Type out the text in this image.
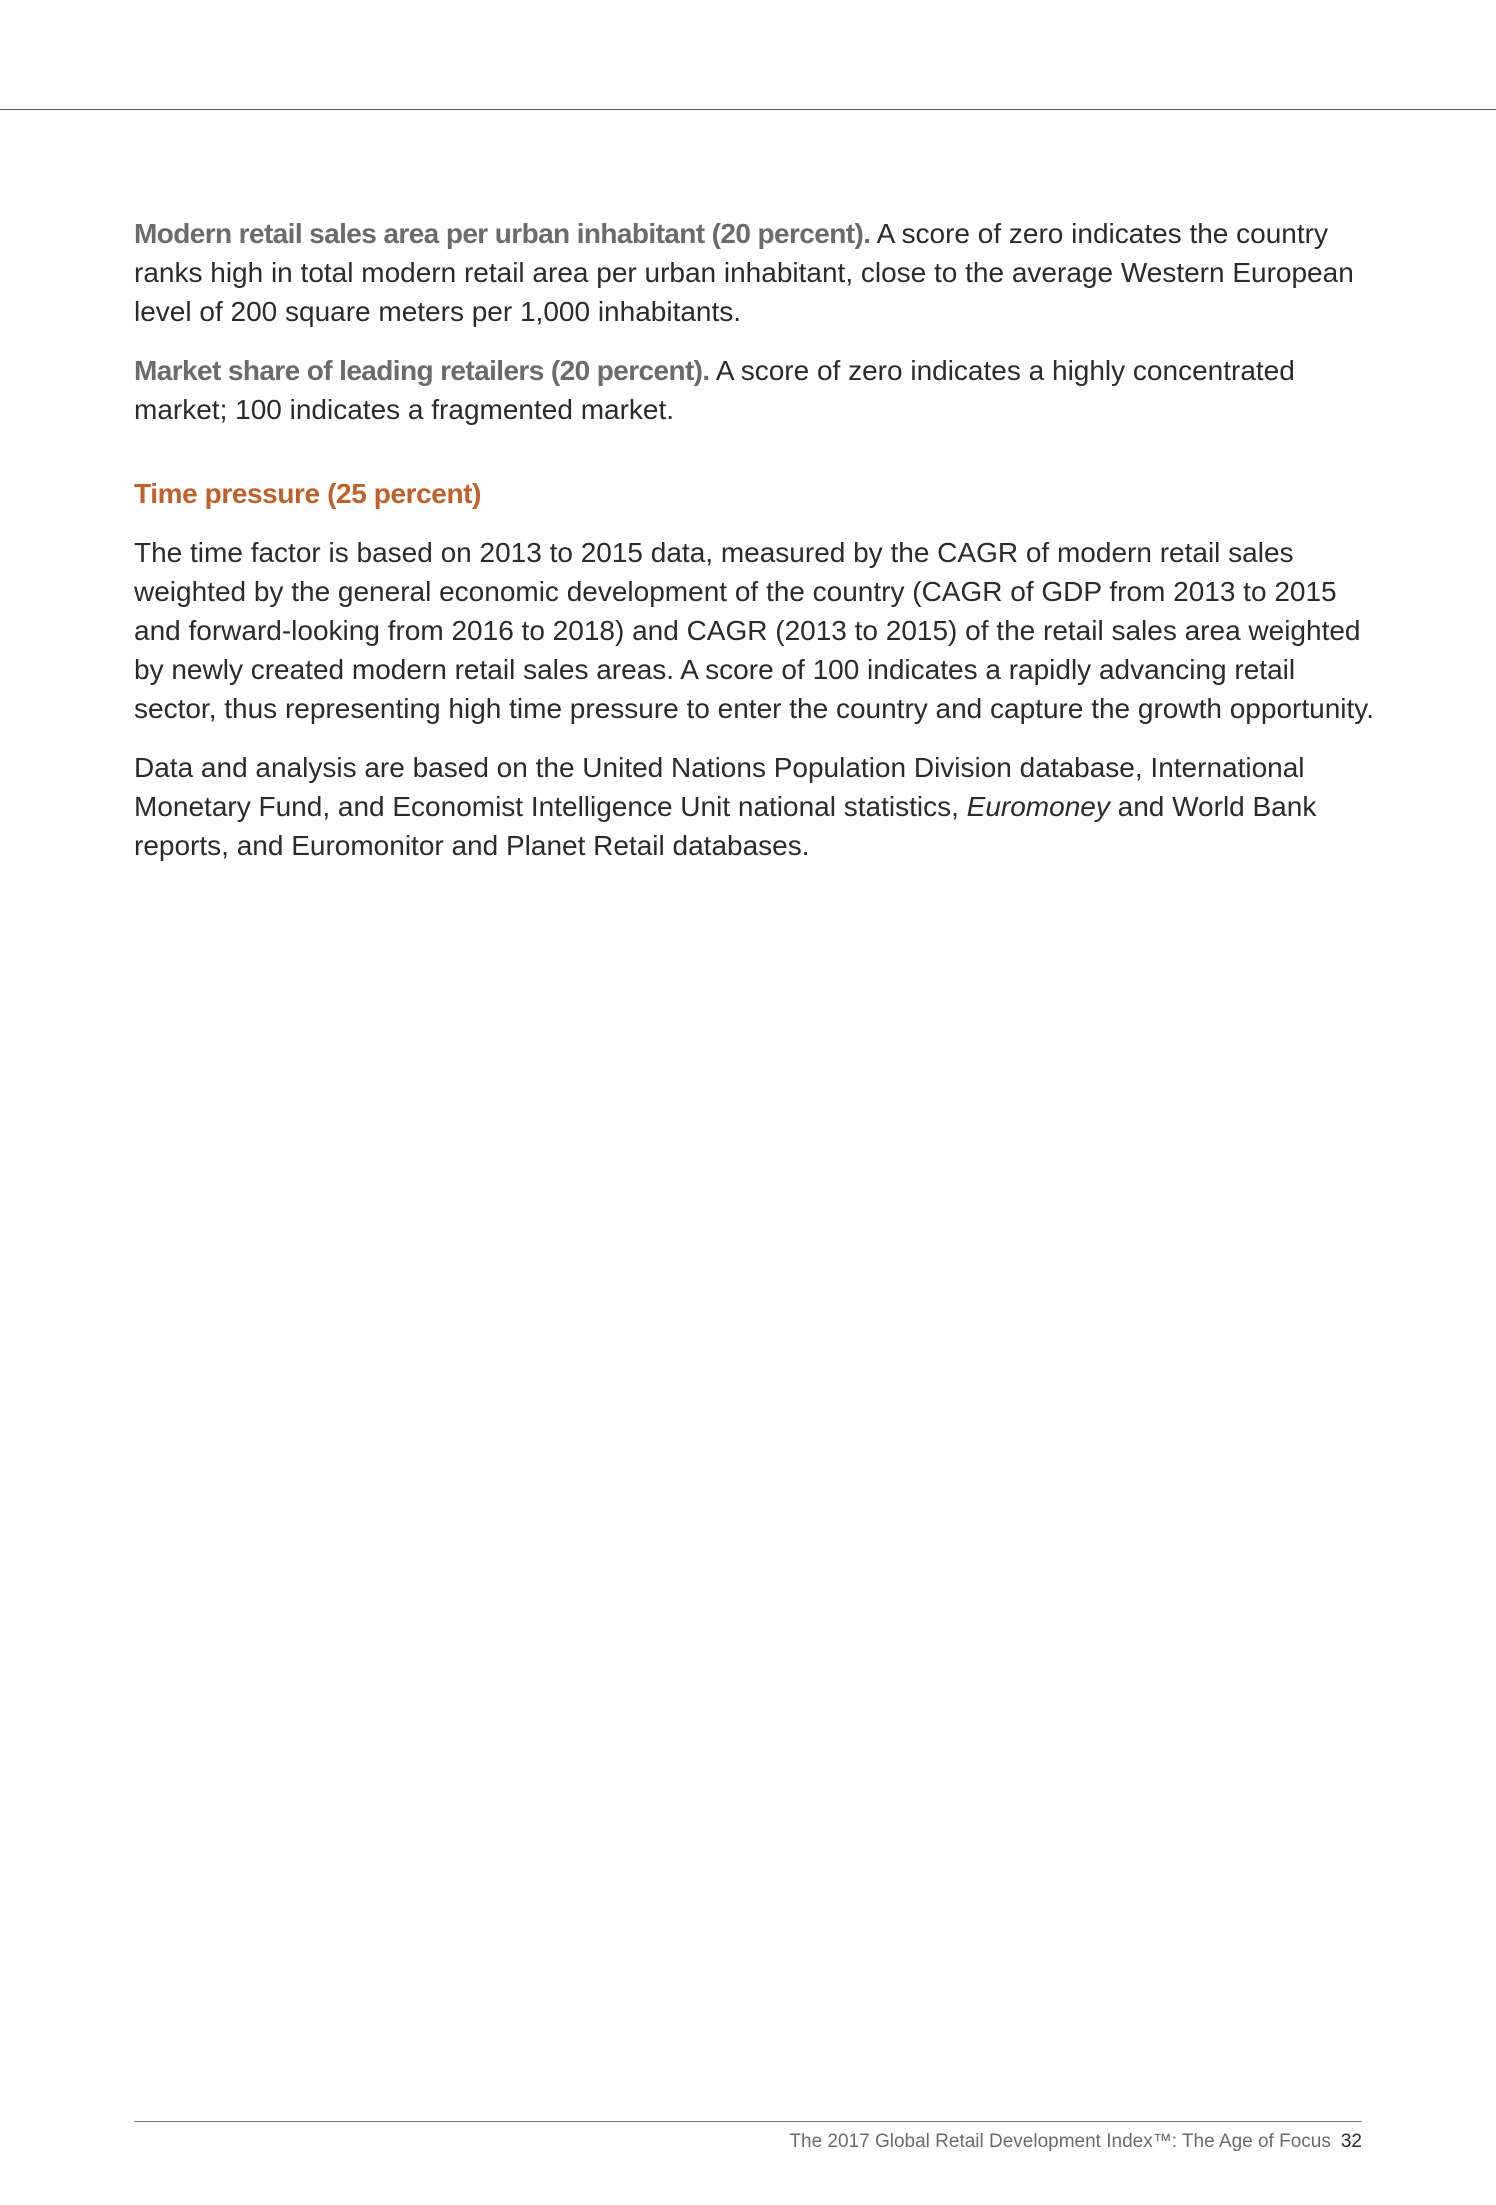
Modern retail sales area per urban inhabitant (20 percent). A score of zero indicates the country ranks high in total modern retail area per urban inhabitant, close to the average Western European level of 200 square meters per 1,000 inhabitants.

Market share of leading retailers (20 percent). A score of zero indicates a highly concentrated market; 100 indicates a fragmented market.

Time pressure (25 percent)

The time factor is based on 2013 to 2015 data, measured by the CAGR of modern retail sales weighted by the general economic development of the country (CAGR of GDP from 2013 to 2015 and forward-looking from 2016 to 2018) and CAGR (2013 to 2015) of the retail sales area weighted by newly created modern retail sales areas. A score of 100 indicates a rapidly advancing retail sector, thus representing high time pressure to enter the country and capture the growth opportunity.

Data and analysis are based on the United Nations Population Division database, International Monetary Fund, and Economist Intelligence Unit national statistics, Euromoney and World Bank reports, and Euromonitor and Planet Retail databases.

The 2017 Global Retail Development Index™: The Age of Focus 32
